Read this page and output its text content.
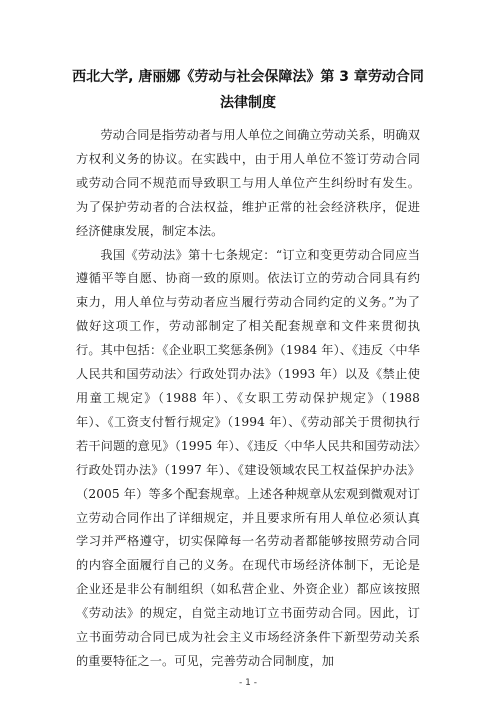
西北大学, 唐丽娜《劳动与社会保障法》第 3 章劳动合同法律制度

劳动合同是指劳动者与用人单位之间确立劳动关系，明确双方权利义务的协议。在实践中，由于用人单位不签订劳动合同或劳动合同不规范而导致职工与用人单位产生纠纷时有发生。为了保护劳动者的合法权益，维护正常的社会经济秩序，促进经济健康发展，制定本法。

我国《劳动法》第十七条规定：“订立和变更劳动合同应当遵循平等自愿、协商一致的原则。依法订立的劳动合同具有约束力，用人单位与劳动者应当履行劳动合同约定的义务。”为了做好这项工作，劳动部制定了相关配套规章和文件来贯彻执行。其中包括：《企业职工奖惩条例》（1984 年）、《违反〈中华人民共和国劳动法〉行政处罚办法》（1993 年）以及《禁止使用童工规定》（1988 年）、《女职工劳动保护规定》（1988 年）、《工资支付暂行规定》（1994 年）、《劳动部关于贯彻执行若干问题的意见》（1995 年）、《违反〈中华人民共和国劳动法〉行政处罚办法》（1997 年）、《建设领域农民工权益保护办法》（2005 年）等多个配套规章。上述各种规章从宏观到微观对订立劳动合同作出了详细规定，并且要求所有用人单位必须认真学习并严格遵守，切实保障每一名劳动者都能够按照劳动合同的内容全面履行自己的义务。在现代市场经济体制下，无论是企业还是非公有制组织（如私营企业、外资企业）都应该按照《劳动法》的规定，自觉主动地订立书面劳动合同。因此，订立书面劳动合同已成为社会主义市场经济条件下新型劳动关系的重要特征之一。可见，完善劳动合同制度，加

- 1 -
